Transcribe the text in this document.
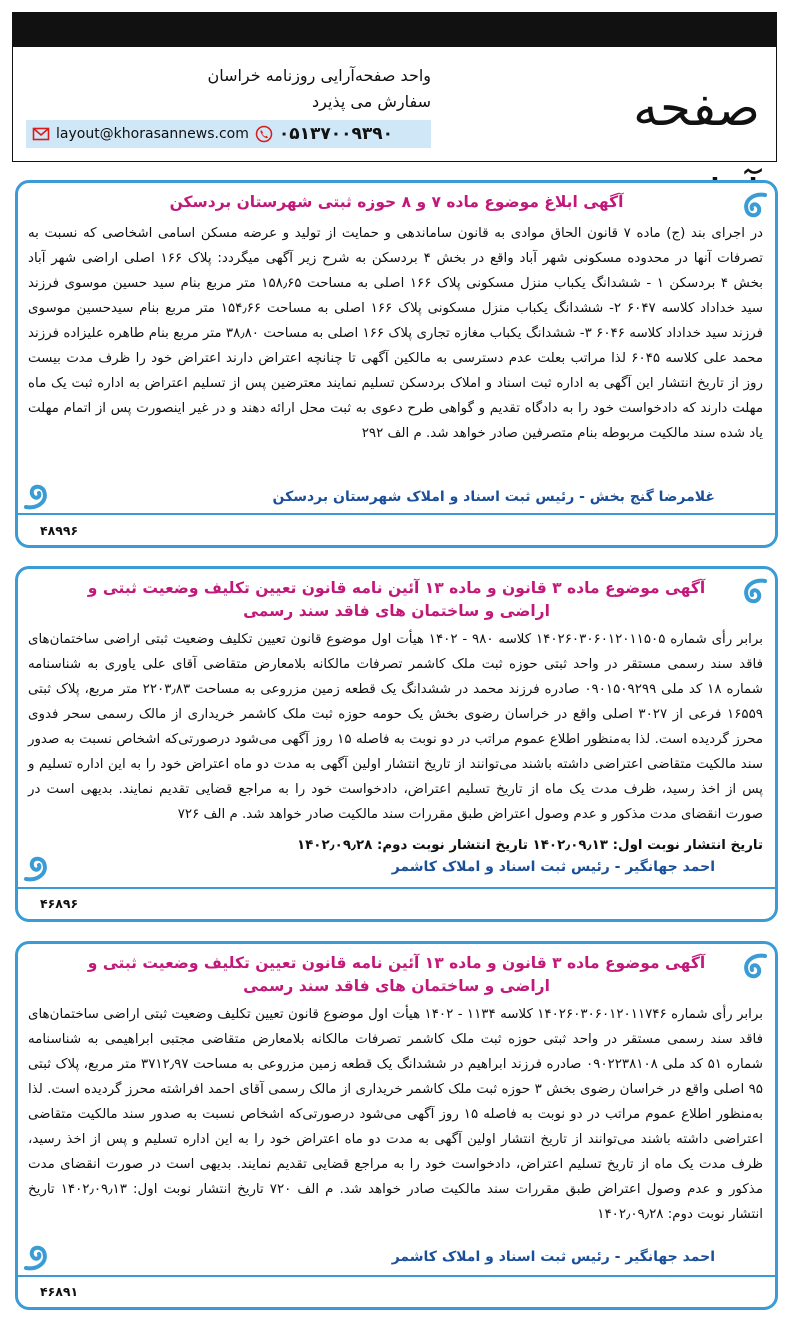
صفحه
واحد صفحه‌آرایی روزنامه خراسان
سفارش می پذیرد
layout@khorasannews.com ۰۵۱۳۷۰۰۹۳۹۰
آگهی ابلاغ موضوع ماده ۷ و ۸ حوزه ثبتی شهرستان بردسکن
در اجرای بند (ج) ماده ۷ قانون الحاق موادی به قانون ساماندهی و حمایت از تولید و عرضه مسکن اسامی اشخاصی که نسبت به تصرفات آنها در محدوده مسکونی شهر آباد واقع در بخش ۴ بردسکن به شرح زیر آگهی میگردد: پلاک ۱۶۶ اصلی اراضی شهر آباد بخش ۴ بردسکن ۱ - ششدانگ یکباب منزل مسکونی پلاک ۱۶۶ اصلی به مساحت ۱۵۸٫۶۵ متر مربع بنام سید حسین موسوی فرزند سید خداداد کلاسه ۶۰۴۷ ۲- ششدانگ یکباب منزل مسکونی پلاک ۱۶۶ اصلی به مساحت ۱۵۴٫۶۶ متر مربع بنام سیدحسین موسوی فرزند سید خداداد کلاسه ۶۰۴۶ ۳- ششدانگ یکباب مغازه تجاری پلاک ۱۶۶ اصلی به مساحت ۳۸٫۸۰ متر مربع بنام طاهره علیزاده فرزند محمد علی کلاسه ۶۰۴۵ لذا مراتب بعلت عدم دسترسی به مالکین آگهی تا چنانچه اعتراض دارند اعتراض خود را ظرف مدت بیست روز از تاریخ انتشار این آگهی به اداره ثبت اسناد و املاک بردسکن تسلیم نمایند معترضین پس از تسلیم اعتراض به اداره ثبت یک ماه مهلت دارند که دادخواست خود را به دادگاه تقدیم و گواهی طرح دعوی به ثبت محل ارائه دهند و در غیر اینصورت پس از اتمام مهلت یاد شده سند مالکیت مربوطه بنام متصرفین صادر خواهد شد. م الف ۲۹۲
غلامرضا گنج بخش - رئیس ثبت اسناد و املاک شهرستان بردسکن
۴۸۹۹۶
آگهی موضوع ماده ۳ قانون و ماده ۱۳ آئین نامه قانون تعیین تکلیف وضعیت ثبتی و اراضی و ساختمان های فاقد سند رسمی
برابر رأی شماره ۱۴۰۲۶۰۳۰۶۰۱۲۰۱۱۵۰۵ کلاسه ۹۸۰ - ۱۴۰۲ هیأت اول موضوع قانون تعیین تکلیف وضعیت ثبتی اراضی ساختمان‌های فاقد سند رسمی مستقر در واحد ثبتی حوزه ثبت ملک کاشمر تصرفات مالکانه بلامعارض متقاضی آقای علی یاوری به شناسنامه شماره ۱۸ کد ملی ۰۹۰۱۵۰۹۲۹۹ صادره فرزند محمد در ششدانگ یک قطعه زمین مزروعی به مساحت ۲۲۰۳٫۸۳ متر مربع، پلاک ثبتی ۱۶۵۵۹ فرعی از ۳۰۲۷ اصلی واقع در خراسان رضوی بخش یک حومه حوزه ثبت ملک کاشمر خریداری از مالک رسمی سحر فدوی محرز گردیده است. لذا به‌منظور اطلاع عموم مراتب در دو نوبت به فاصله ۱۵ روز آگهی می‌شود درصورتی‌که اشخاص نسبت به صدور سند مالکیت متقاضی اعتراضی داشته باشند می‌توانند از تاریخ انتشار اولین آگهی به مدت دو ماه اعتراض خود را به این اداره تسلیم و پس از اخذ رسید، ظرف مدت یک ماه از تاریخ تسلیم اعتراض، دادخواست خود را به مراجع قضایی تقدیم نمایند. بدیهی است در صورت انقضای مدت مذکور و عدم وصول اعتراض طبق مقررات سند مالکیت صادر خواهد شد. م الف ۷۲۶
تاریخ انتشار نوبت اول: ۱۴۰۲٫۰۹٫۱۳ تاریخ انتشار نوبت دوم: ۱۴۰۲٫۰۹٫۲۸
احمد جهانگیر - رئیس ثبت اسناد و املاک کاشمر
۴۶۸۹۶
آگهی موضوع ماده ۳ قانون و ماده ۱۳ آئین نامه قانون تعیین تکلیف وضعیت ثبتی و اراضی و ساختمان های فاقد سند رسمی
برابر رأی شماره ۱۴۰۲۶۰۳۰۶۰۱۲۰۱۱۷۴۶ کلاسه ۱۱۳۴ - ۱۴۰۲ هیأت اول موضوع قانون تعیین تکلیف وضعیت ثبتی اراضی ساختمان‌های فاقد سند رسمی مستقر در واحد ثبتی حوزه ثبت ملک کاشمر تصرفات مالکانه بلامعارض متقاضی مجتبی ابراهیمی به شناسنامه شماره ۵۱ کد ملی ۰۹۰۲۲۳۸۱۰۸ صادره فرزند ابراهیم در ششدانگ یک قطعه زمین مزروعی به مساحت ۳۷۱۲٫۹۷ متر مربع، پلاک ثبتی ۹۵ اصلی واقع در خراسان رضوی بخش ۳ حوزه ثبت ملک کاشمر خریداری از مالک رسمی آقای احمد افراشته محرز گردیده است. لذا به‌منظور اطلاع عموم مراتب در دو نوبت به فاصله ۱۵ روز آگهی می‌شود درصورتی‌که اشخاص نسبت به صدور سند مالکیت متقاضی اعتراضی داشته باشند می‌توانند از تاریخ انتشار اولین آگهی به مدت دو ماه اعتراض خود را به این اداره تسلیم و پس از اخذ رسید، ظرف مدت یک ماه از تاریخ تسلیم اعتراض، دادخواست خود را به مراجع قضایی تقدیم نمایند. بدیهی است در صورت انقضای مدت مذکور و عدم وصول اعتراض طبق مقررات سند مالکیت صادر خواهد شد. م الف ۷۲۰ تاریخ انتشار نوبت اول: ۱۴۰۲٫۰۹٫۱۳ تاریخ انتشار نوبت دوم: ۱۴۰۲٫۰۹٫۲۸
احمد جهانگیر - رئیس ثبت اسناد و املاک کاشمر
۴۶۸۹۱
